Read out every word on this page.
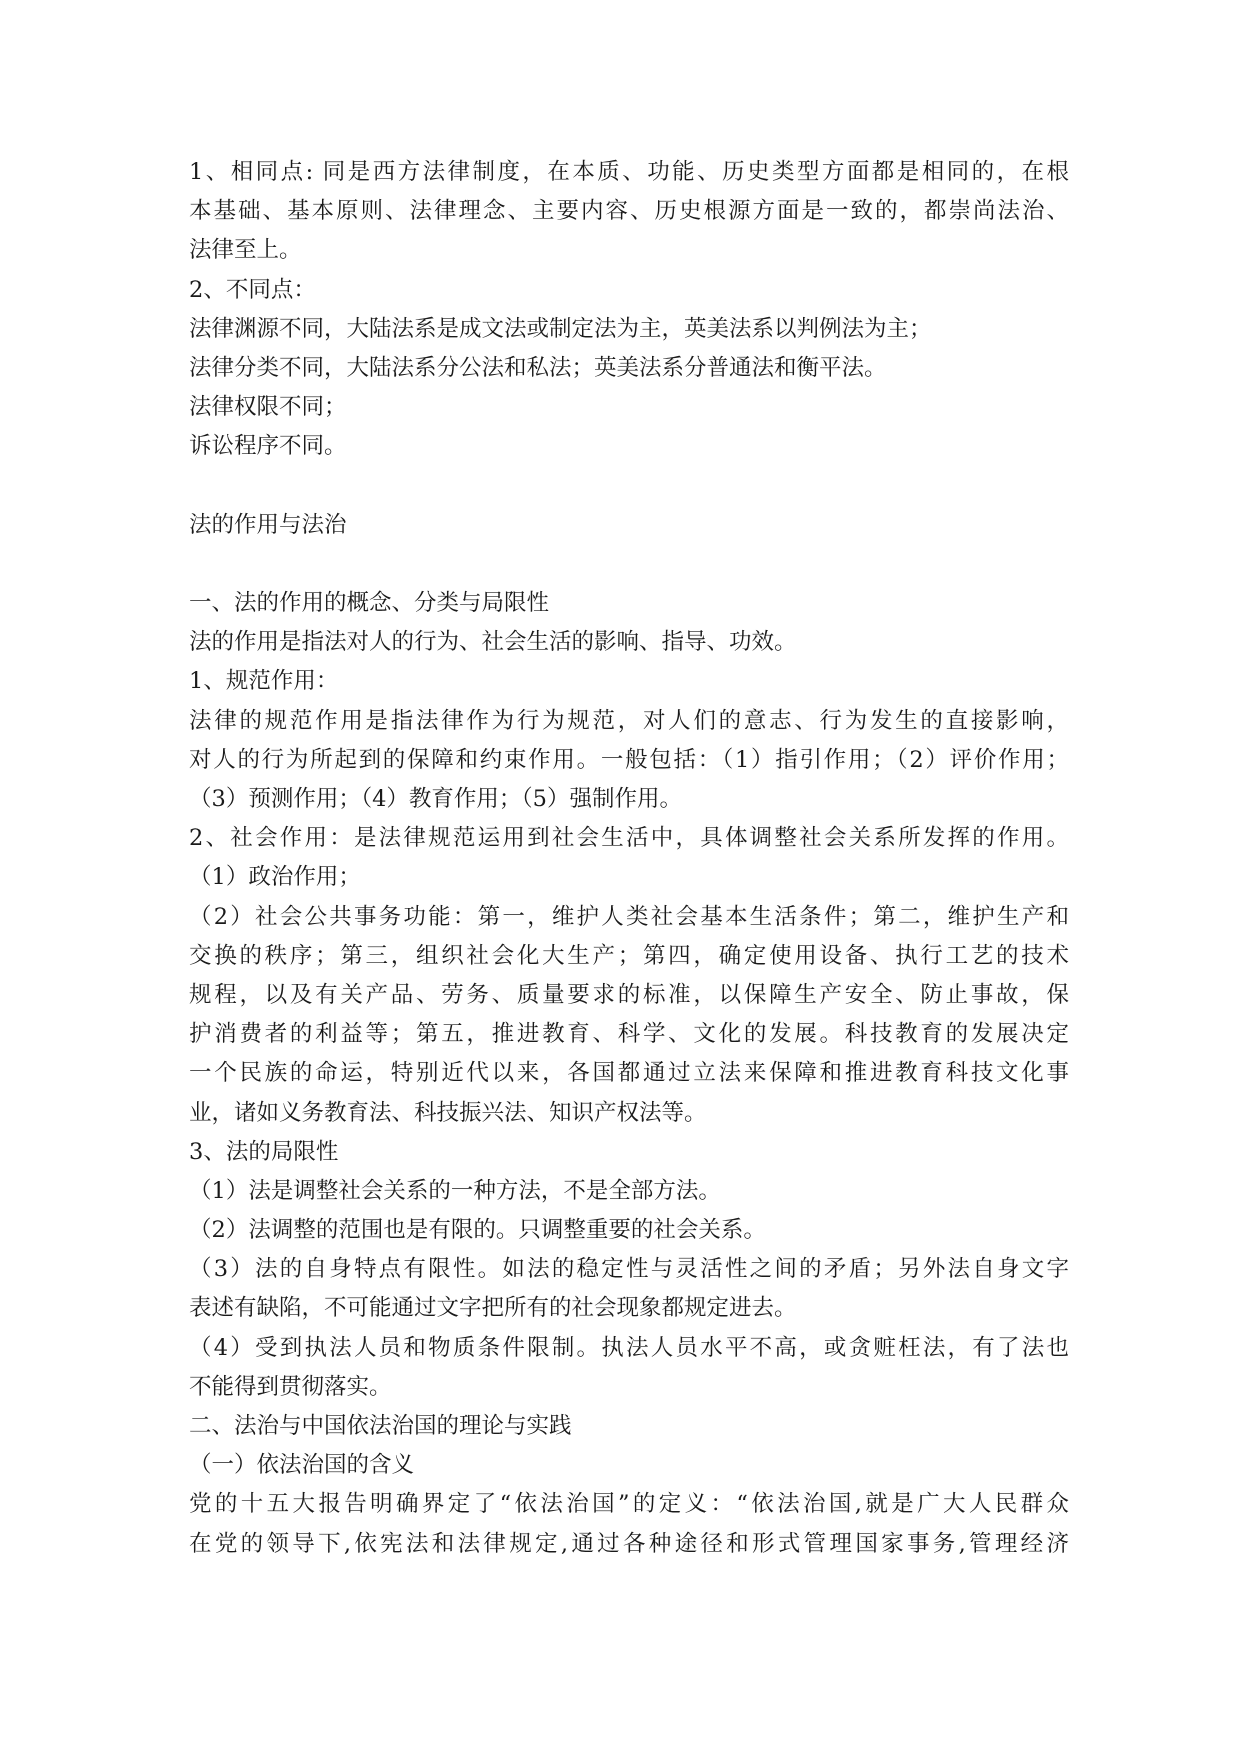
1、相同点: 同是西方法律制度，在本质、功能、历史类型方面都是相同的，在根
本基础、基本原则、法律理念、主要内容、历史根源方面是一致的，都崇尚法治、
法律至上。
2、不同点：
法律渊源不同，大陆法系是成文法或制定法为主，英美法系以判例法为主；
法律分类不同，大陆法系分公法和私法；英美法系分普通法和衡平法。
法律权限不同；
诉讼程序不同。
法的作用与法治
一、法的作用的概念、分类与局限性
法的作用是指法对人的行为、社会生活的影响、指导、功效。
1、规范作用：
法律的规范作用是指法律作为行为规范，对人们的意志、行为发生的直接影响，
对人的行为所起到的保障和约束作用。一般包括：（1）指引作用；（2）评价作用；
（3）预测作用；（4）教育作用；（5）强制作用。
2、社会作用：是法律规范运用到社会生活中，具体调整社会关系所发挥的作用。
（1）政治作用；
（2）社会公共事务功能：第一，维护人类社会基本生活条件；第二，维护生产和
交换的秩序；第三，组织社会化大生产；第四，确定使用设备、执行工艺的技术
规程，以及有关产品、劳务、质量要求的标准，以保障生产安全、防止事故，保
护消费者的利益等；第五，推进教育、科学、文化的发展。科技教育的发展决定
一个民族的命运，特别近代以来，各国都通过立法来保障和推进教育科技文化事
业，诸如义务教育法、科技振兴法、知识产权法等。
3、法的局限性
（1）法是调整社会关系的一种方法，不是全部方法。
（2）法调整的范围也是有限的。只调整重要的社会关系。
（3）法的自身特点有限性。如法的稳定性与灵活性之间的矛盾；另外法自身文字
表述有缺陷，不可能通过文字把所有的社会现象都规定进去。
（4）受到执法人员和物质条件限制。执法人员水平不高，或贪赃枉法，有了法也
不能得到贯彻落实。
二、法治与中国依法治国的理论与实践
（一）依法治国的含义
党的十五大报告明确界定了“依法治国”的定义：“依法治国,就是广大人民群众
在党的领导下,依宪法和法律规定,通过各种途径和形式管理国家事务,管理经济
